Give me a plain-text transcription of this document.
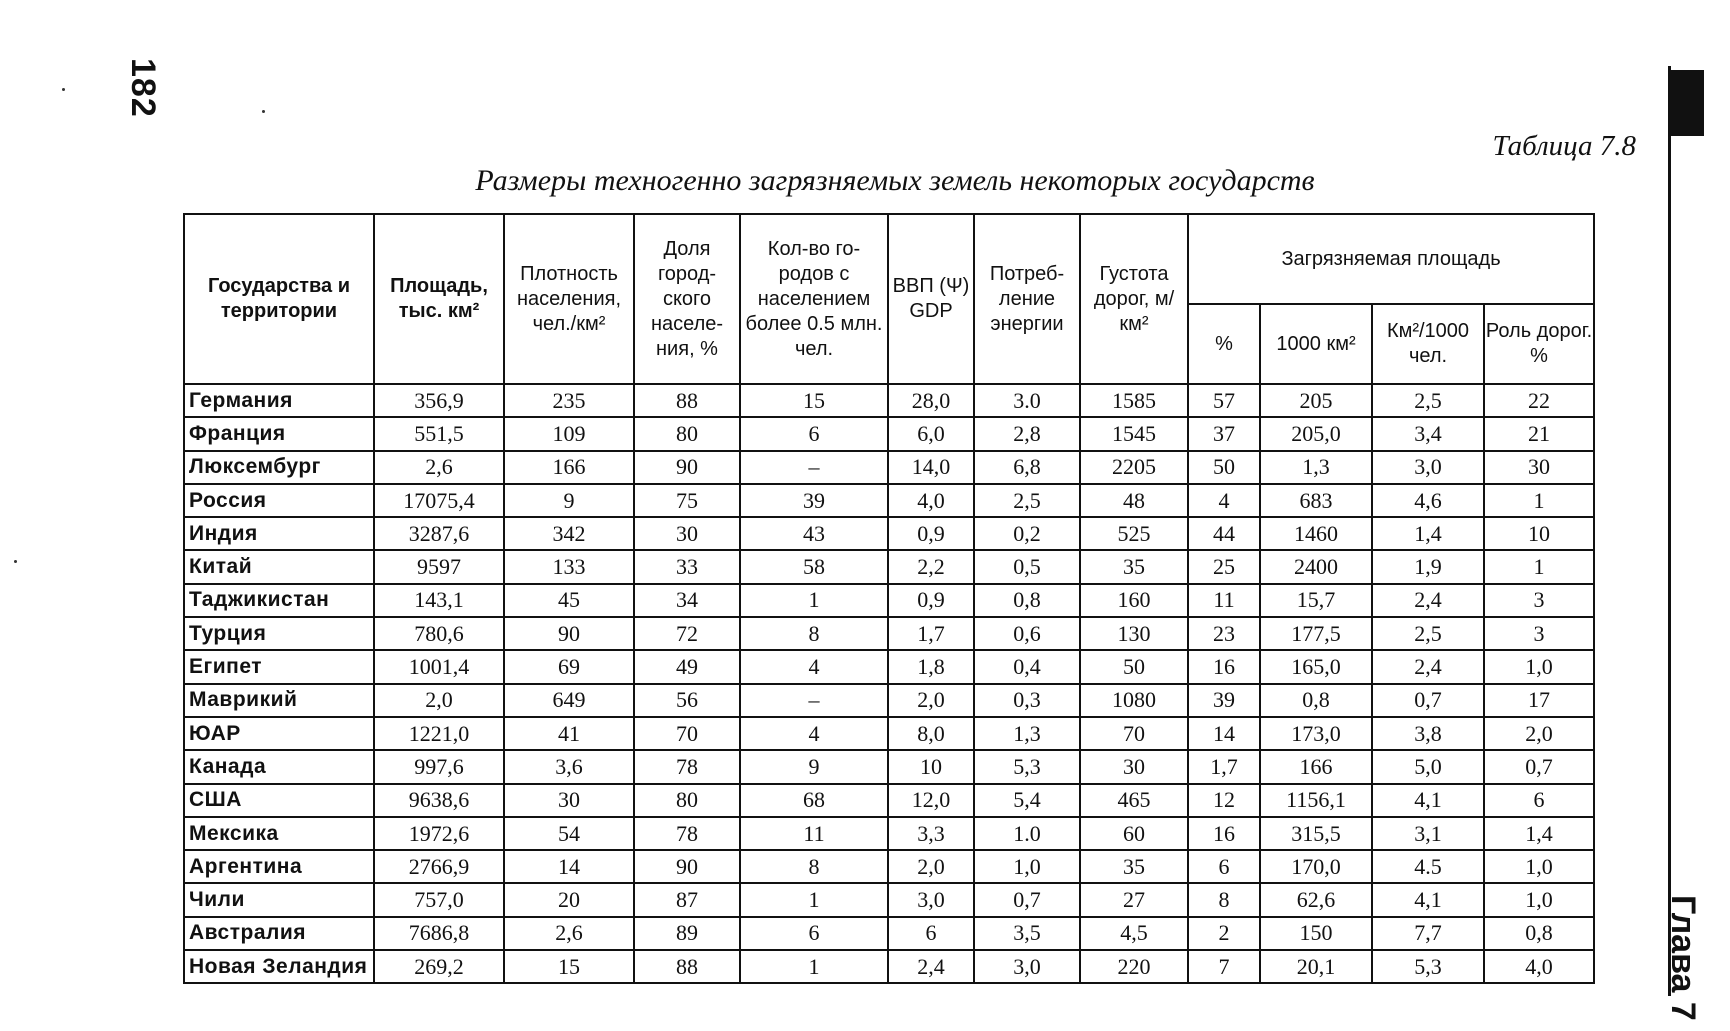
182
Глава 7
Таблица 7.8
Размеры техногенно загрязняемых земель некоторых государств
Государства и территории	Площадь, тыс. км²	Плотность населения, чел./км²	Доля город- ского населе- ния, %	Кол-во го- родов с населением более 0.5 млн. чел.	ВВП (Ψ) GDP	Потреб- ление энергии	Густота дорог, м/км²	Загрязняемая площадь			
								%	1000 км²	Км²/1000 чел.	Роль дорог. %
Германия	356,9	235	88	15	28,0	3.0	1585	57	205	2,5	22
Франция	551,5	109	80	6	6,0	2,8	1545	37	205,0	3,4	21
Люксембург	2,6	166	90	–	14,0	6,8	2205	50	1,3	3,0	30
Россия	17075,4	9	75	39	4,0	2,5	48	4	683	4,6	1
Индия	3287,6	342	30	43	0,9	0,2	525	44	1460	1,4	10
Китай	9597	133	33	58	2,2	0,5	35	25	2400	1,9	1
Таджикистан	143,1	45	34	1	0,9	0,8	160	11	15,7	2,4	3
Турция	780,6	90	72	8	1,7	0,6	130	23	177,5	2,5	3
Египет	1001,4	69	49	4	1,8	0,4	50	16	165,0	2,4	1,0
Маврикий	2,0	649	56	–	2,0	0,3	1080	39	0,8	0,7	17
ЮАР	1221,0	41	70	4	8,0	1,3	70	14	173,0	3,8	2,0
Канада	997,6	3,6	78	9	10	5,3	30	1,7	166	5,0	0,7
США	9638,6	30	80	68	12,0	5,4	465	12	1156,1	4,1	6
Мексика	1972,6	54	78	11	3,3	1.0	60	16	315,5	3,1	1,4
Аргентина	2766,9	14	90	8	2,0	1,0	35	6	170,0	4.5	1,0
Чили	757,0	20	87	1	3,0	0,7	27	8	62,6	4,1	1,0
Австралия	7686,8	2,6	89	6	6	3,5	4,5	2	150	7,7	0,8
Новая Зеландия	269,2	15	88	1	2,4	3,0	220	7	20,1	5,3	4,0
